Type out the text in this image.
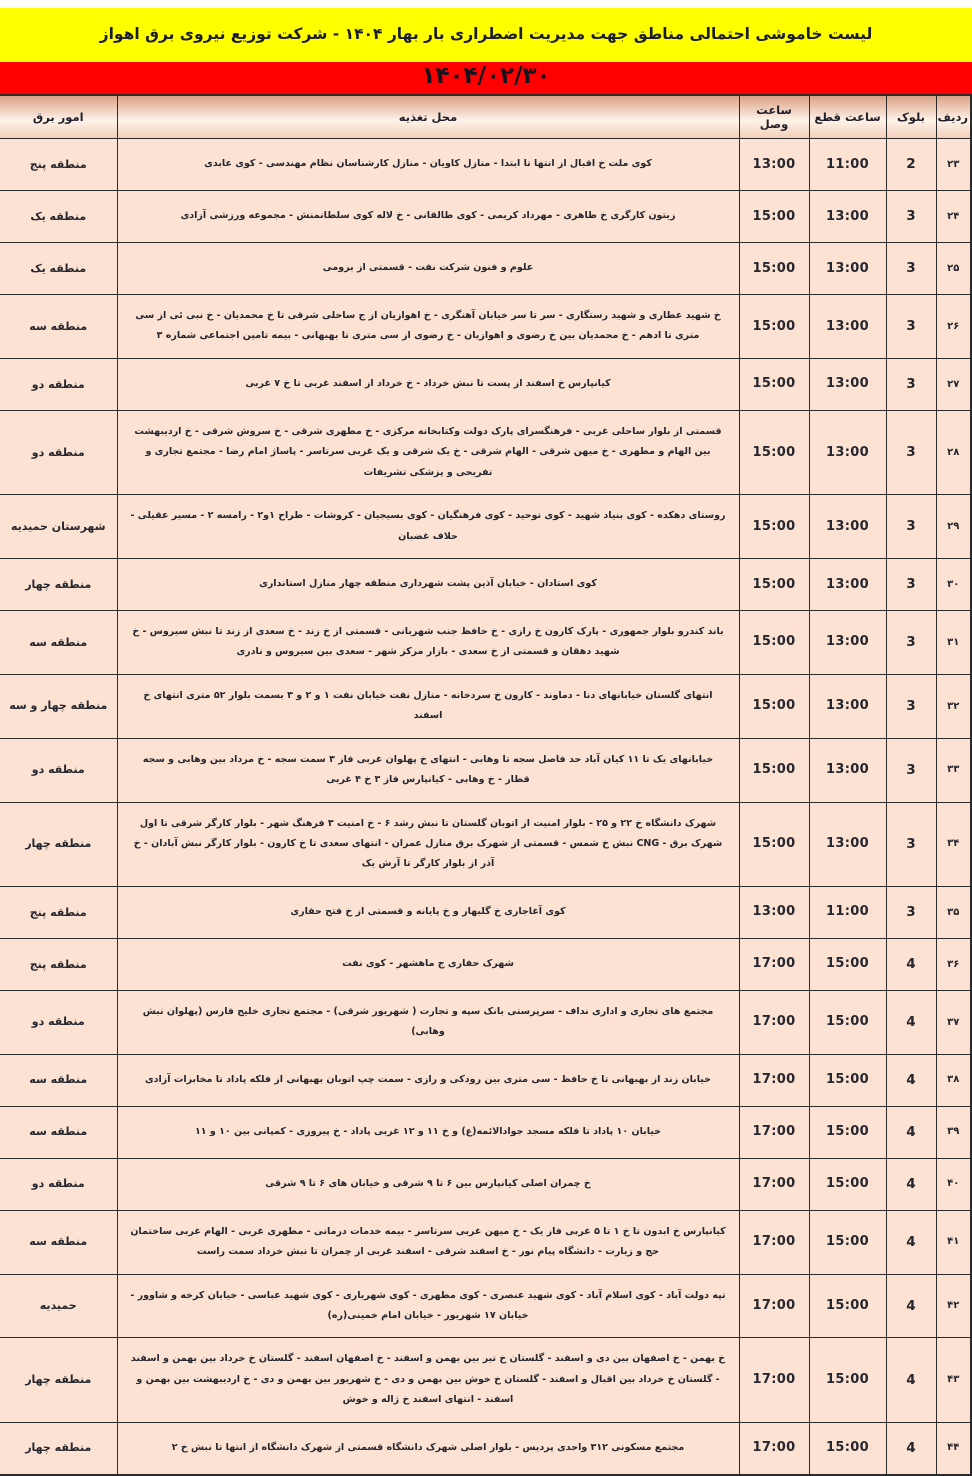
لیست خاموشی احتمالی مناطق جهت مدیریت اضطراری بار بهار ۱۴۰۴ - شرکت توزیع نیروی برق اهواز
۱۴۰۴/۰۲/۳۰
ردیف	بلوک	ساعت قطع	ساعت وصل	محل تغذیه	امور برق
۲۳	2	11:00	13:00	کوی ملت خ اقبال از انتها تا ابتدا - منازل کاویان - منازل کارشناسان نظام مهندسی - کوی عابدی	منطقه پنج
۲۴	3	13:00	15:00	زیتون کارگری خ طاهری - مهرداد کریمی - کوی طالقانی - خ لاله کوی سلطانمنش - مجموعه ورزشی آزادی	منطقه یک
۲۵	3	13:00	15:00	علوم و فنون شرکت نفت - قسمتی از برومی	منطقه یک
۲۶	3	13:00	15:00	خ شهید عطاری و شهید رستگاری - سر تا سر خیابان آهنگری - خ اهوازیان از ج ساحلی شرقی تا خ محمدیان - خ نبی ئی از سی متری تا ادهم - خ محمدیان بین خ رضوی و اهوازیان - خ رضوی از سی متری تا بهبهانی - بیمه تامین اجتماعی شماره ۳	منطقه سه
۲۷	3	13:00	15:00	کیانپارس خ اسفند از پست تا نبش خرداد - خ خرداد از اسفند غربی تا خ ۷ غربی	منطقه دو
۲۸	3	13:00	15:00	قسمتی از بلوار ساحلی غربی - فرهنگسرای پارک دولت وکتابخانه مرکزی - خ مطهری شرقی - خ سروش شرقی - خ اردیبهشت بین الهام و مطهری - خ میهن شرقی - الهام شرقی - خ یک شرقی و یک غربی سرتاسر - پاساژ امام رضا - مجتمع تجاری و تفریحی و پزشکی تشریفات	منطقه دو
۲۹	3	13:00	15:00	روستای دهکده - کوی بنیاد شهید - کوی توحید - کوی فرهنگیان - کوی بسیجیان - کروشات - طراح ۱و۲ - رامسه ۲ - مسیر عقیلی - حلاف غضبان	شهرستان حمیدیه
۳۰	3	13:00	15:00	کوی استادان - خیابان آذین پشت شهرداری منطقه چهار منازل استانداری	منطقه چهار
۳۱	3	13:00	15:00	باند کندرو بلوار جمهوری - پارک کارون خ رازی - خ حافظ جنب شهربانی - قسمتی از خ زند - خ سعدی از زند تا نبش سیروس - خ شهید دهقان و قسمتی از خ سعدی - بازار مرکز شهر - سعدی بین سیروس و نادری	منطقه سه
۳۲	3	13:00	15:00	انتهای گلستان خیابانهای دنا - دماوند - کارون خ سردخانه - منازل نفت خیابان نفت ۱ و ۲ و ۳ بسمت بلوار ۵۲ متری انتهای خ اسفند	منطقه چهار و سه
۳۳	3	13:00	15:00	خیابانهای یک تا ۱۱ کیان آباد حد فاصل سجه تا وهابی - انتهای خ پهلوان غربی فاز ۳ سمت سجه - خ مرداد بین وهابی و سجه قطار - خ وهابی - کیانپارس فاز ۳ خ ۴ غربی	منطقه دو
۳۴	3	13:00	15:00	شهرک دانشگاه خ ۲۲ و ۲۵ - بلوار امنیت از اتوبان گلستان تا نبش رشد ۶ - خ امنیت ۳ فرهنگ شهر - بلوار کارگر شرقی تا اول شهرک برق - CNG نبش خ شمس - قسمتی از شهرک برق منازل عمران - انتهای سعدی تا خ کارون - بلوار کارگر نبش آبادان - خ آذر از بلوار کارگر تا آرش یک	منطقه چهار
۳۵	3	11:00	13:00	کوی آغاجاری خ گلبهار و خ پایانه و قسمتی از خ فتح حفاری	منطقه پنج
۳۶	4	15:00	17:00	شهرک حفاری ج ماهشهر - کوی نفت	منطقه پنج
۳۷	4	15:00	17:00	مجتمع های تجاری و اداری نداف - سرپرستی بانک سپه و تجارت ( شهریور شرقی) - مجتمع تجاری خلیج فارس (پهلوان نبش وهابی)	منطقه دو
۳۸	4	15:00	17:00	خیابان زند از بهبهانی تا خ حافظ - سی متری بین رودکی و رازی - سمت چپ اتوبان بهبهانی از فلکه پاداد تا مخابرات آزادی	منطقه سه
۳۹	4	15:00	17:00	خیابان ۱۰ پاداد تا فلکه مسجد جوادالائمه(ع) و خ ۱۱ و ۱۲ غربی پاداد - خ پیروزی - کمپانی بین ۱۰ و ۱۱	منطقه سه
۴۰	4	15:00	17:00	خ چمران اصلی کیانپارس بین ۶ تا ۹ شرقی و خیابان های ۶ تا ۹ شرقی	منطقه دو
۴۱	4	15:00	17:00	کیانپارس خ ابدون تا خ ۱ تا ۵ غربی فاز یک - خ میهن غربی سرتاسر - بیمه خدمات درمانی - مطهری غربی - الهام غربی ساختمان حج و زیارت - دانشگاه پیام نور - خ اسفند شرقی - اسفند غربی از چمران تا نبش خرداد سمت راست	منطقه سه
۴۲	4	15:00	17:00	تپه دولت آباد - کوی اسلام آباد - کوی شهید عنصری - کوی مطهری - کوی شهریاری - کوی شهید عباسی - خیابان کرخه و شاوور - خیابان ۱۷ شهریور - خیابان امام خمینی(ره)	حمیدیه
۴۳	4	15:00	17:00	خ بهمن - خ اصفهان بین دی و اسفند - گلستان خ تیر بین بهمن و اسفند - خ اصفهان اسفند - گلستان خ خرداد بین بهمن و اسفند - گلستان خ خرداد بین اقبال و اسفند - گلستان خ خوش بین بهمن و دی - خ شهریور بین بهمن و دی - خ اردیبهشت بین بهمن و اسفند - انتهای اسفند خ ژاله و خوش	منطقه چهار
۴۴	4	15:00	17:00	مجتمع مسکونی ۳۱۲ واحدی پردیس - بلوار اصلی شهرک دانشگاه قسمتی از شهرک دانشگاه از انتها تا نبش خ ۲	منطقه چهار
